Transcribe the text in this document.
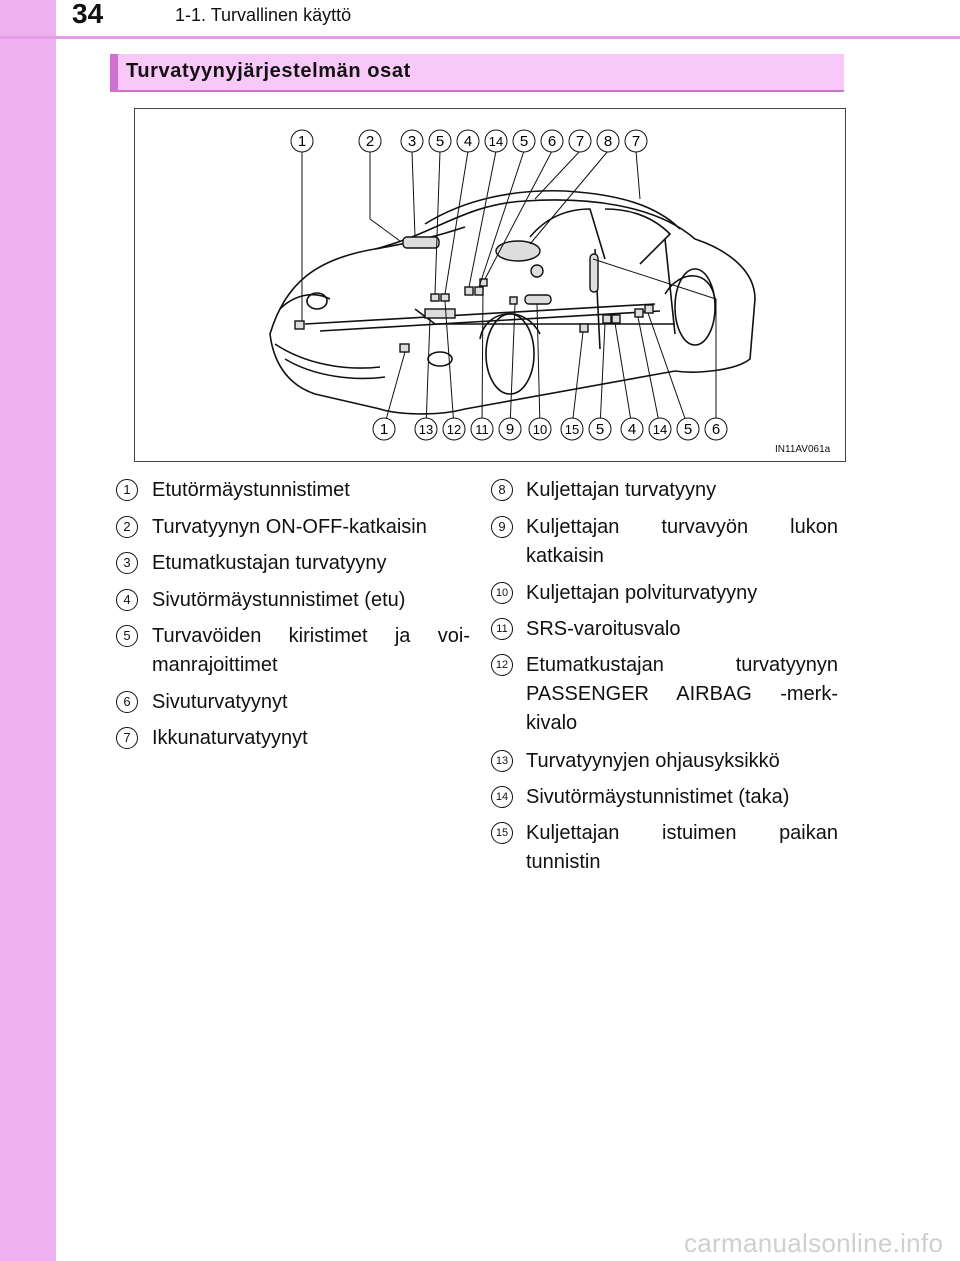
34	1-1. Turvallinen käyttö
Turvatyynyjärjestelmän osat
1	2 3 5 4 14 5 6 7 8 7
1 13 12 11 9 10 15 5 4 14 5 6
IN11AV061a
1	Etutörmäystunnistimet
2	Turvatyynyn ON-OFF-katkaisin
3	Etumatkustajan turvatyyny
4	Sivutörmäystunnistimet (etu)
5	Turvavöiden kiristimet ja voi-
manrajoittimet
6	Sivuturvatyynyt
7	Ikkunaturvatyynyt
8	Kuljettajan turvatyyny
9	Kuljettajan turvavyön lukon
katkaisin
10 Kuljettajan polviturvatyyny
11 SRS-varoitusvalo
12 Etumatkustajan turvatyynyn
PASSENGER AIRBAG -merk-
kivalo
13 Turvatyynyjen ohjausyksikkö
14 Sivutörmäystunnistimet (taka)
15 Kuljettajan istuimen paikan
tunnistin
carmanualsonline.info
